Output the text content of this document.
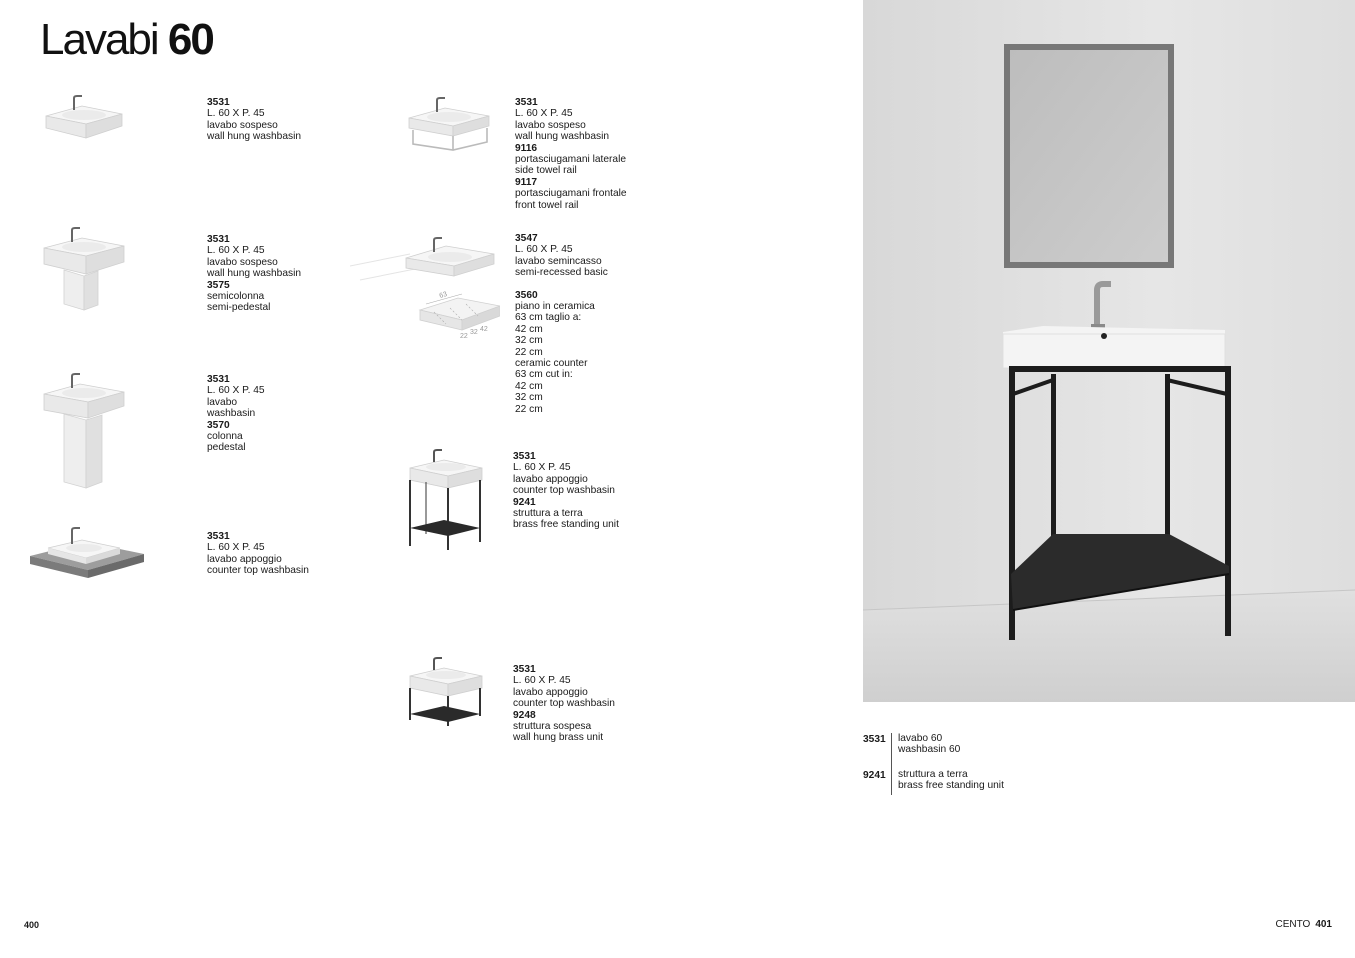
Lavabi 60
63
22
32 42
3531
L. 60 X P. 45
lavabo sospeso
wall hung washbasin
3531
L. 60 X P. 45
lavabo sospeso
wall hung washbasin
3575
semicolonna
semi-pedestal
3531
L. 60 X P. 45
lavabo
washbasin
3570
colonna
pedestal
3531
L. 60 X P. 45
lavabo appoggio
counter top washbasin
3531
L. 60 X P. 45
lavabo sospeso
wall hung washbasin
9116
portasciugamani laterale
side towel rail
9117
portasciugamani frontale
front towel rail
3547
L. 60 X P. 45
lavabo semincasso
semi-recessed basic
3560
piano in ceramica
63 cm taglio a:
42 cm
32 cm
22 cm
ceramic counter
63 cm cut in:
42 cm
32 cm
22 cm
3531
L. 60 X P. 45
lavabo appoggio
counter top washbasin
9241
struttura a terra
brass free standing unit
3531
L. 60 X P. 45
lavabo appoggio
counter top washbasin
9248
struttura sospesa
wall hung brass unit	3531 lavabo 60
washbasin 60
9241 struttura a terra
brass free standing unit
400	CENTO 401
